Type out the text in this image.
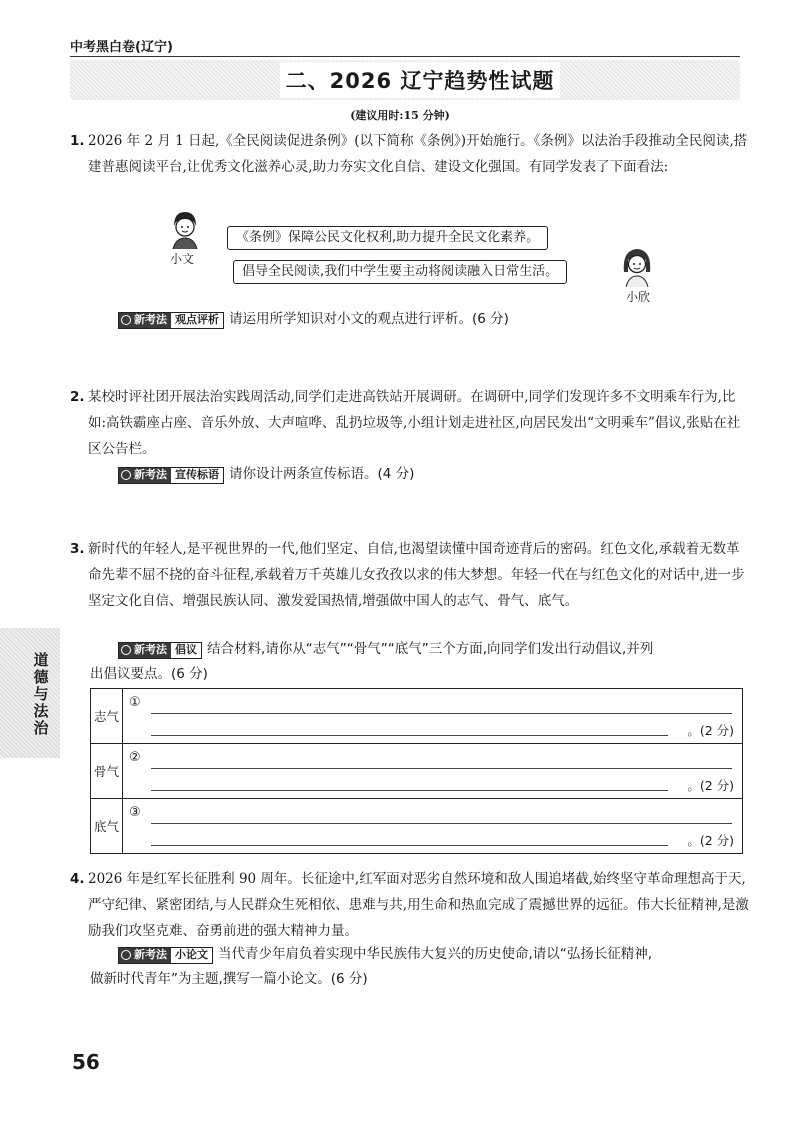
中考黑白卷(辽宁)
二、2026 辽宁趋势性试题
(建议用时:15 分钟)
1. 2026 年 2 月 1 日起,《全民阅读促进条例》(以下简称《条例》)开始施行。《条例》以法治手段推动全民阅读,搭建普惠阅读平台,让优秀文化滋养心灵,助力夯实文化自信、建设文化强国。有同学发表了下面看法:
小文
《条例》保障公民文化权利,助力提升全民文化素养。
倡导全民阅读,我们中学生要主动将阅读融入日常生活。
小欣
新考法 观点评析 请运用所学知识对小文的观点进行评析。(6 分)
2. 某校时评社团开展法治实践周活动,同学们走进高铁站开展调研。在调研中,同学们发现许多不文明乘车行为,比如:高铁霸座占座、音乐外放、大声喧哗、乱扔垃圾等,小组计划走进社区,向居民发出“文明乘车”倡议,张贴在社区公告栏。
新考法 宣传标语 请你设计两条宣传标语。(4 分)
3. 新时代的年轻人,是平视世界的一代,他们坚定、自信,也渴望读懂中国奇迹背后的密码。红色文化,承载着无数革命先辈不屈不挠的奋斗征程,承载着万千英雄儿女孜孜以求的伟大梦想。年轻一代在与红色文化的对话中,进一步坚定文化自信、增强民族认同、激发爱国热情,增强做中国人的志气、骨气、底气。
新考法 倡议 结合材料,请你从“志气”“骨气”“底气”三个方面,向同学们发出行动倡议,并列
出倡议要点。(6 分)
志气	①
。(2 分)

骨气	②
。(2 分)

底气	③
。(2 分)
4. 2026 年是红军长征胜利 90 周年。长征途中,红军面对恶劣自然环境和敌人围追堵截,始终坚守革命理想高于天,严守纪律、紧密团结,与人民群众生死相依、患难与共,用生命和热血完成了震撼世界的远征。伟大长征精神,是激励我们攻坚克难、奋勇前进的强大精神力量。
新考法 小论文 当代青少年肩负着实现中华民族伟大复兴的历史使命,请以“弘扬长征精神,
做新时代青年”为主题,撰写一篇小论文。(6 分)
道德与法治
56
